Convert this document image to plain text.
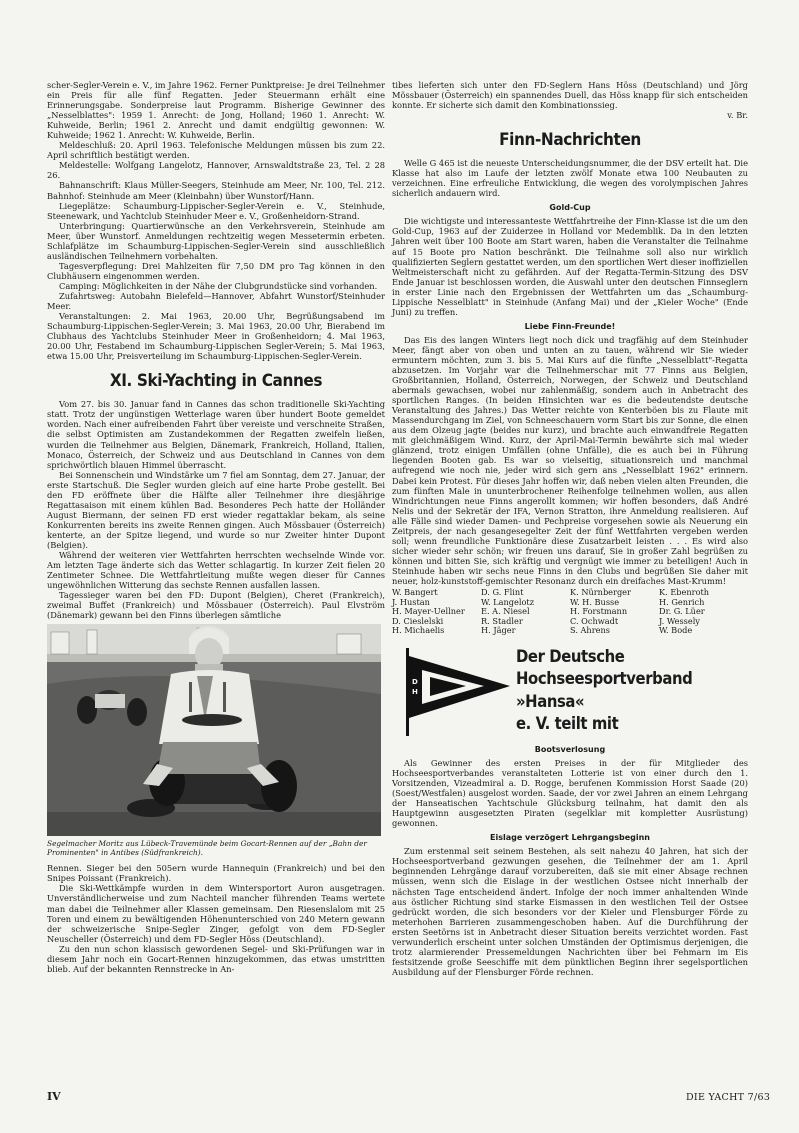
scher-Segler-Verein e. V., im Jahre 1962. Ferner Punktpreise: Je drei Teilnehmer ein Preis für alle fünf Regatten. Jeder Steuermann erhält eine Erinnerungsgabe. Sonderpreise laut Programm. Bisherige Gewinner des „Nesselblattes": 1959 1. Anrecht: de Jong, Holland; 1960 1. Anrecht: W. Kuhweide, Berlin; 1961 2. Anrecht und damit endgültig gewonnen: W. Kuhweide; 1962 1. Anrecht: W. Kuhweide, Berlin.

Meldeschluß: 20. April 1963. Telefonische Meldungen müssen bis zum 22. April schriftlich bestätigt werden.

Meldestelle: Wolfgang Langelotz, Hannover, Arnswaldtstraße 23, Tel. 2 28 26.

Bahnanschrift: Klaus Müller-Seegers, Steinhude am Meer, Nr. 100, Tel. 212. Bahnhof: Steinhude am Meer (Kleinbahn) über Wunstorf/Hann.

Liegeplätze: Schaumburg-Lippischer-Segler-Verein e. V., Steinhude, Steenewark, und Yachtclub Steinhuder Meer e. V., Großenheidorn-Strand.

Unterbringung: Quartierwünsche an den Verkehrsverein, Steinhude am Meer, über Wunstorf. Anmeldungen rechtzeitig wegen Messetermin erbeten. Schlafplätze im Schaumburg-Lippischen-Segler-Verein sind ausschließlich ausländischen Teilnehmern vorbehalten.

Tagesverpflegung: Drei Mahlzeiten für 7,50 DM pro Tag können in den Clubhäusern eingenommen werden.

Camping: Möglichkeiten in der Nähe der Clubgrundstücke sind vorhanden.

Zufahrtsweg: Autobahn Bielefeld—Hannover, Abfahrt Wunstorf/Steinhuder Meer.

Veranstaltungen: 2. Mai 1963, 20.00 Uhr, Begrüßungsabend im Schaumburg-Lippischen-Segler-Verein; 3. Mai 1963, 20.00 Uhr, Bierabend im Clubhaus des Yachtclubs Steinhuder Meer in Großenheidorn; 4. Mai 1963, 20.00 Uhr, Festabend im Schaumburg-Lippischen Segler-Verein; 5. Mai 1963, etwa 15.00 Uhr, Preisverteilung im Schaumburg-Lippischen-Segler-Verein.

XI. Ski-Yachting in Cannes

Vom 27. bis 30. Januar fand in Cannes das schon traditionelle Ski-Yachting statt. Trotz der ungünstigen Wetterlage waren über hundert Boote gemeldet worden. Nach einer aufreibenden Fahrt über vereiste und verschneite Straßen, die selbst Optimisten am Zustandekommen der Regatten zweifeln ließen, wurden die Teilnehmer aus Belgien, Dänemark, Frankreich, Holland, Italien, Monaco, Österreich, der Schweiz und aus Deutschland in Cannes von dem sprichwörtlich blauen Himmel überrascht.

Bei Sonnenschein und Windstärke um 7 fiel am Sonntag, dem 27. Januar, der erste Startschuß. Die Segler wurden gleich auf eine harte Probe gestellt. Bei den FD eröffnete über die Hälfte aller Teilnehmer ihre diesjährige Regattasaison mit einem kühlen Bad. Besonderes Pech hatte der Holländer August Biermann, der seinen FD erst wieder regattaklar bekam, als seine Konkurrenten bereits ins zweite Rennen gingen. Auch Mössbauer (Österreich) kenterte, an der Spitze liegend, und wurde so nur Zweiter hinter Dupont (Belgien).

Während der weiteren vier Wettfahrten herrschten wechselnde Winde vor. Am letzten Tage änderte sich das Wetter schlagartig. In kurzer Zeit fielen 20 Zentimeter Schnee. Die Wettfahrtleitung mußte wegen dieser für Cannes ungewöhnlichen Witterung das sechste Rennen ausfallen lassen.

Tagessieger waren bei den FD: Dupont (Belgien), Cheret (Frankreich), zweimal Buffet (Frankreich) und Mössbauer (Österreich). Paul Elvström (Dänemark) gewann bei den Finns überlegen sämtliche

Segelmacher Moritz aus Lübeck-Travemünde beim Gocart-Rennen auf der „Bahn der Prominenten" in Antibes (Südfrankreich).

Rennen. Sieger bei den 505ern wurde Hannequin (Frankreich) und bei den Snipes Poissant (Frankreich).

Die Ski-Wettkämpfe wurden in dem Wintersportort Auron ausgetragen. Unverständlicherweise und zum Nachteil mancher führenden Teams wertete man dabei die Teilnehmer aller Klassen gemeinsam. Den Riesenslalom mit 25 Toren und einem zu bewältigenden Höhenunterschied von 240 Metern gewann der schweizerische Snipe-Segler Zinger, gefolgt von dem FD-Segler Neuscheller (Österreich) und dem FD-Segler Höss (Deutschland).

Zu den nun schon klassisch gewordenen Segel- und Ski-Prüfungen war in diesem Jahr noch ein Gocart-Rennen hinzugekommen, das etwas umstritten blieb. Auf der bekannten Rennstrecke in An-

tibes lieferten sich unter den FD-Seglern Hans Höss (Deutschland) und Jörg Mössbauer (Österreich) ein spannendes Duell, das Höss knapp für sich entscheiden konnte. Er sicherte sich damit den Kombinationssieg.

v. Br.

Finn-Nachrichten

Welle G 465 ist die neueste Unterscheidungsnummer, die der DSV erteilt hat. Die Klasse hat also im Laufe der letzten zwölf Monate etwa 100 Neubauten zu verzeichnen. Eine erfreuliche Entwicklung, die wegen des vorolympischen Jahres sicherlich andauern wird.

Gold-Cup

Die wichtigste und interessanteste Wettfahrtreihe der Finn-Klasse ist die um den Gold-Cup, 1963 auf der Zuiderzee in Holland vor Medemblik. Da in den letzten Jahren weit über 100 Boote am Start waren, haben die Veranstalter die Teilnahme auf 15 Boote pro Nation beschränkt. Die Teilnahme soll also nur wirklich qualifizierten Seglern gestattet werden, um den sportlichen Wert dieser inoffiziellen Weltmeisterschaft nicht zu gefährden. Auf der Regatta-Termin-Sitzung des DSV Ende Januar ist beschlossen worden, die Auswahl unter den deutschen Finnseglern in erster Linie nach den Ergebnissen der Wettfahrten um das „Schaumburg-Lippische Nesselblatt" in Steinhude (Anfang Mai) und der „Kieler Woche" (Ende Juni) zu treffen.

Liebe Finn-Freunde!

Das Eis des langen Winters liegt noch dick und tragfähig auf dem Steinhuder Meer, fängt aber von oben und unten an zu tauen, während wir Sie wieder ermuntern möchten, zum 3. bis 5. Mai Kurs auf die fünfte „Nesselblatt"-Regatta abzusetzen. Im Vorjahr war die Teilnehmerschar mit 77 Finns aus Belgien, Großbritannien, Holland, Österreich, Norwegen, der Schweiz und Deutschland abermals gewachsen, wobei nur zahlenmäßig, sondern auch in Anbetracht des sportlichen Ranges. (In beiden Hinsichten war es die bedeutendste deutsche Veranstaltung des Jahres.) Das Wetter reichte von Kenterböen bis zu Flaute mit Massendurchgang im Ziel, von Schneeschauern vorm Start bis zur Sonne, die einen aus dem Olzeug jagte (beides nur kurz), und brachte auch einwandfreie Regatten mit gleichmäßigem Wind. Kurz, der April-Mai-Termin bewährte sich mal wieder glänzend, trotz einigen Umfällen (ohne Unfälle), die es auch bei in Führung liegenden Booten gab. Es war so vielseitig, situationsreich und manchmal aufregend wie noch nie, jeder wird sich gern ans „Nesselblatt 1962" erinnern. Dabei kein Protest. Für dieses Jahr hoffen wir, daß neben vielen alten Freunden, die zum fünften Male in ununterbrochener Reihenfolge teilnehmen wollen, aus allen Windrichtungen neue Finns angerollt kommen; wir hoffen besonders, daß André Nelis und der Sekretär der IFA, Vernon Stratton, ihre Anmeldung realisieren. Auf alle Fälle sind wieder Damen- und Pechpreise vorgesehen sowie als Neuerung ein Zeitpreis, der nach gesangesegelter Zeit der fünf Wettfahrten vergeben werden soll; wenn freundliche Funktionäre diese Zusatzarbeit leisten . . . Es wird also sicher wieder sehr schön; wir freuen uns darauf, Sie in großer Zahl begrüßen zu können und bitten Sie, sich kräftig und vergnügt wie immer zu beteiligen! Auch in Steinhude haben wir sechs neue Finns in den Clubs und begrüßen Sie daher mit neuer, holz-kunststoff-gemischter Resonanz durch ein dreifaches Mast-Krumm!

W. Bangert	D. G. Flint	K. Nürnberger	K. Ebenroth
J. Hustan	W. Langelotz	W. H. Busse	H. Genrich
H. Mayer-Uellner	E. A. Niesel	H. Forstmann	Dr. G. Lüer
D. Cieslelski	R. Stadler	C. Ochwadt	J. Wessely
H. Michaelis	H. Jäger	S. Ahrens	W. Bode
D
H
Der Deutsche
Hochseesportverband »Hansa«
e. V. teilt mit
Bootsverlosung

Als Gewinner des ersten Preises in der für Mitglieder des Hochseesportverbandes veranstalteten Lotterie ist von einer durch den 1. Vorsitzenden, Vizeadmiral a. D. Rogge, berufenen Kommission Horst Saade (20) (Soest/Westfalen) ausgelost worden. Saade, der vor zwei Jahren an einem Lehrgang der Hanseatischen Yachtschule Glücksburg teilnahm, hat damit den als Hauptgewinn ausgesetzten Piraten (segelklar mit kompletter Ausrüstung) gewonnen.

Eislage verzögert Lehrgangsbeginn

Zum erstenmal seit seinem Bestehen, als seit nahezu 40 Jahren, hat sich der Hochseesportverband gezwungen gesehen, die Teilnehmer der am 1. April beginnenden Lehrgänge darauf vorzubereiten, daß sie mit einer Absage rechnen müssen, wenn sich die Eislage in der westlichen Ostsee nicht innerhalb der nächsten Tage entscheidend ändert. Infolge der noch immer anhaltenden Winde aus östlicher Richtung sind starke Eismassen in den westlichen Teil der Ostsee gedrückt worden, die sich besonders vor der Kieler und Flensburger Förde zu meterhohen Barrieren zusammengeschoben haben. Auf die Durchführung der ersten Seetörns ist in Anbetracht dieser Situation bereits verzichtet worden. Fast verwunderlich erscheint unter solchen Umständen der Optimismus derjenigen, die trotz alarmierender Pressemeldungen Nachrichten über bei Fehmarn im Eis festsitzende große Seeschiffe mit dem pünktlichen Beginn ihrer segelsportlichen Ausbildung auf der Flensburger Förde rechnen.

IV	DIE YACHT 7/63
